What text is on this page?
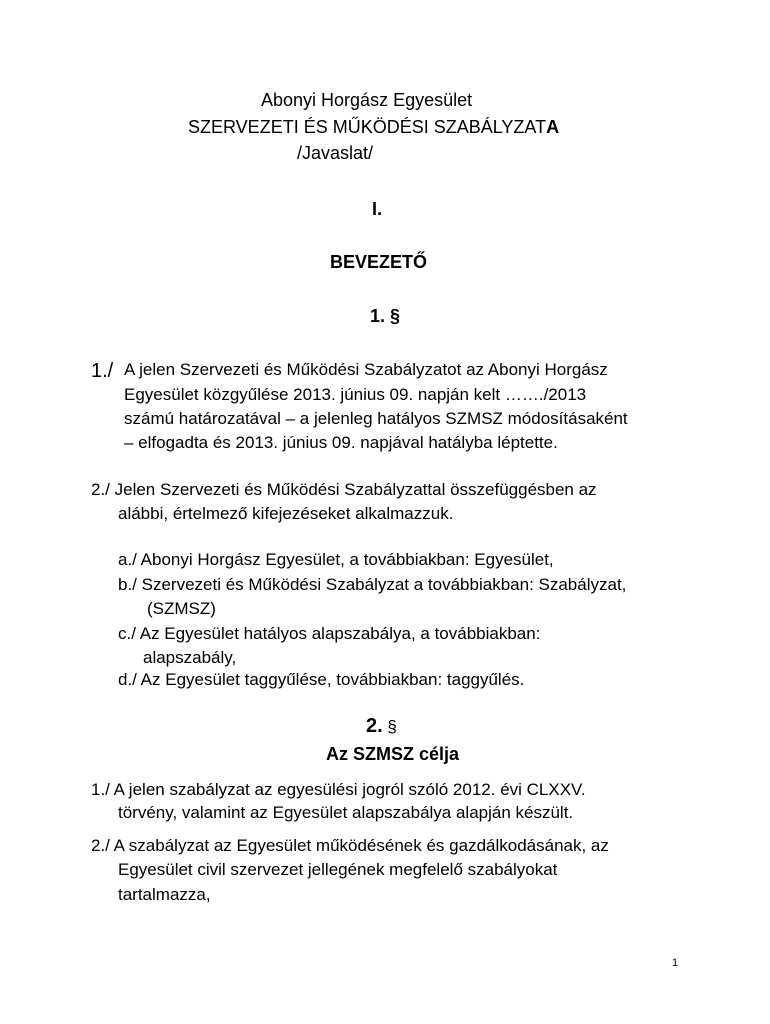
Abonyi Horgász Egyesület
SZERVEZETI ÉS MŰKÖDÉSI SZABÁLYZATA
/Javaslat/
I.
BEVEZETŐ
1. §
1./ A jelen Szervezeti és Működési Szabályzatot az Abonyi Horgász
Egyesület közgyűlése 2013. június 09. napján kelt ……./2013
számú határozatával – a jelenleg hatályos SZMSZ módosításaként
– elfogadta és 2013. június 09. napjával hatályba léptette.
2./ Jelen Szervezeti és Működési Szabályzattal összefüggésben az
alábbi, értelmező kifejezéseket alkalmazzuk.
a./ Abonyi Horgász Egyesület, a továbbiakban: Egyesület,
b./ Szervezeti és Működési Szabályzat a továbbiakban: Szabályzat,
(SZMSZ)
c./ Az Egyesület hatályos alapszabálya, a továbbiakban:
alapszabály,
d./ Az Egyesület taggyűlése, továbbiakban: taggyűlés.
2. §
Az SZMSZ célja
1./ A jelen szabályzat az egyesülési jogról szóló 2012. évi CLXXV.
törvény, valamint az Egyesület alapszabálya alapján készült.
2./ A szabályzat az Egyesület működésének és gazdálkodásának, az
Egyesület civil szervezet jellegének megfelelő szabályokat
tartalmazza,
1
